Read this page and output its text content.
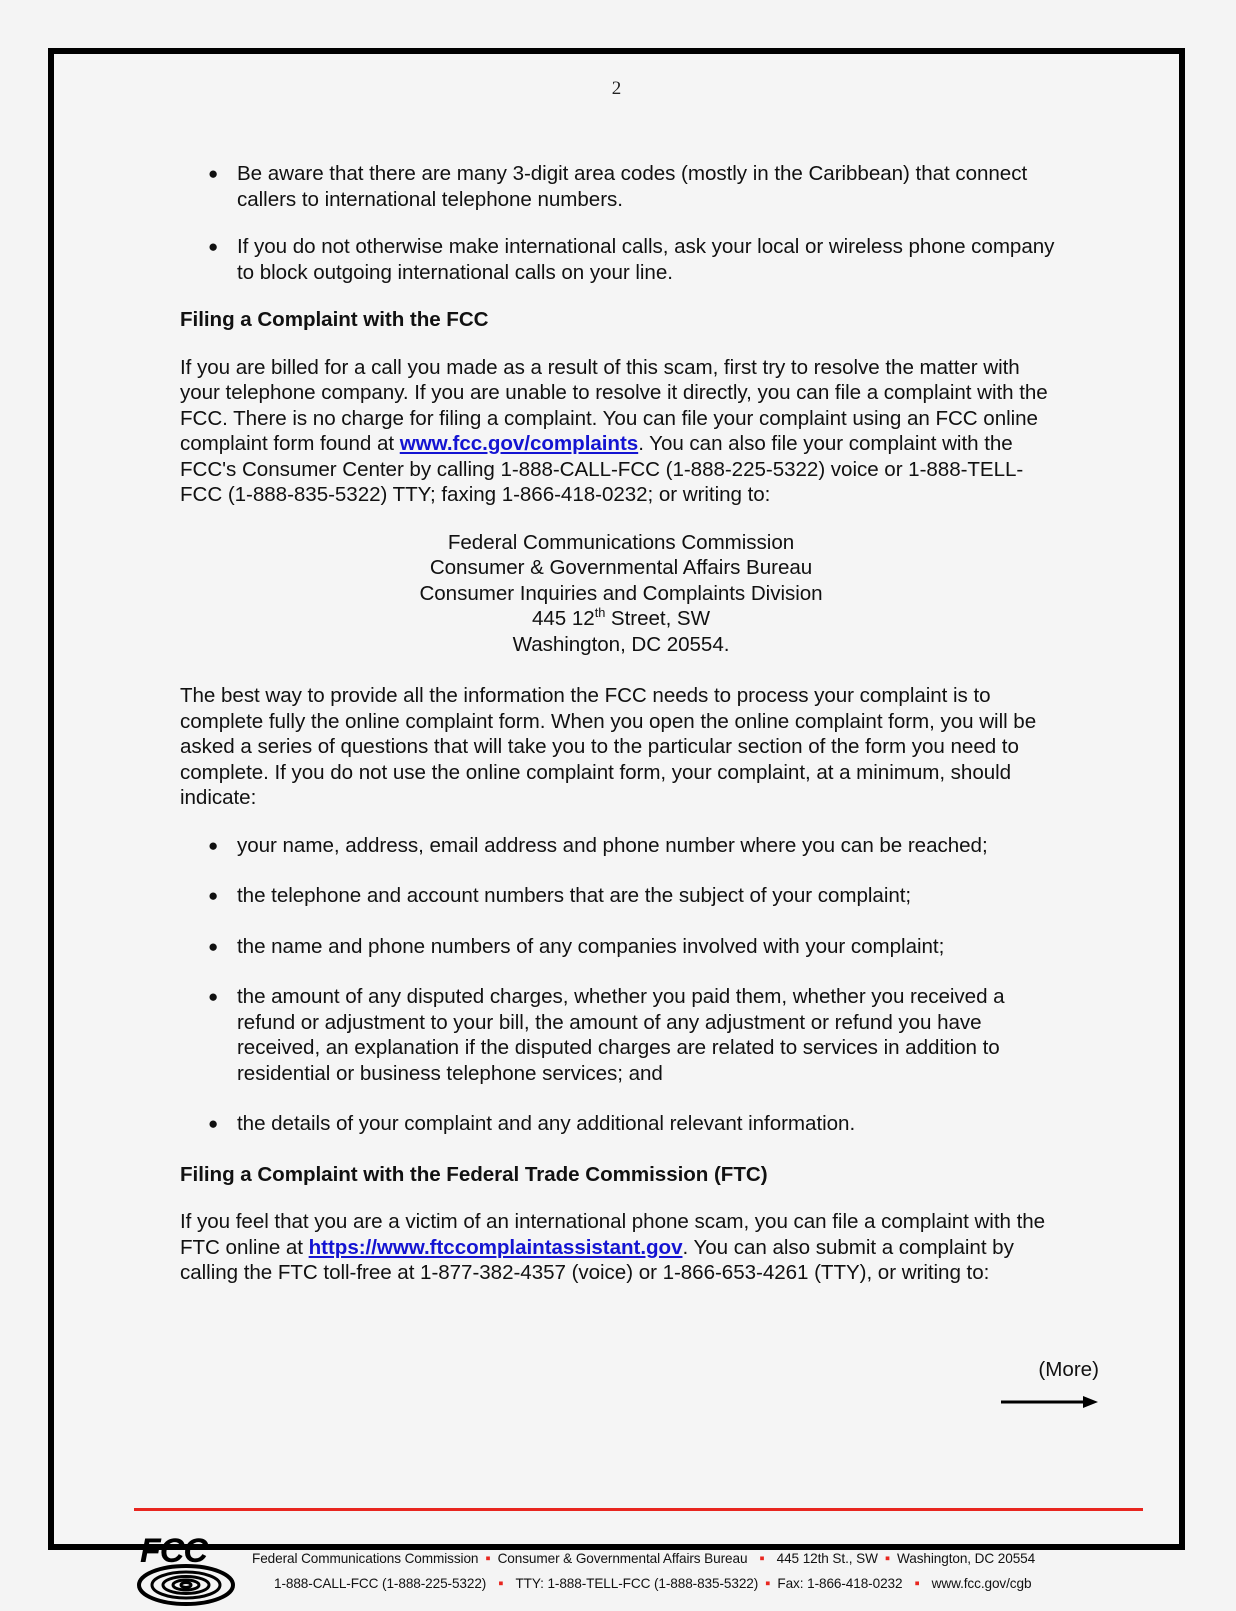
2
● Be aware that there are many 3-digit area codes (mostly in the Caribbean) that connect callers to international telephone numbers.
● If you do not otherwise make international calls, ask your local or wireless phone company to block outgoing international calls on your line.
Filing a Complaint with the FCC

If you are billed for a call you made as a result of this scam, first try to resolve the matter with your telephone company. If you are unable to resolve it directly, you can file a complaint with the FCC. There is no charge for filing a complaint. You can file your complaint using an FCC online complaint form found at www.fcc.gov/complaints. You can also file your complaint with the FCC's Consumer Center by calling 1-888-CALL-FCC (1-888-225-5322) voice or 1-888-TELL-FCC (1-888-835-5322) TTY; faxing 1-866-418-0232; or writing to:

Federal Communications Commission
Consumer & Governmental Affairs Bureau
Consumer Inquiries and Complaints Division
445 12th Street, SW
Washington, DC 20554.

The best way to provide all the information the FCC needs to process your complaint is to complete fully the online complaint form. When you open the online complaint form, you will be asked a series of questions that will take you to the particular section of the form you need to complete. If you do not use the online complaint form, your complaint, at a minimum, should indicate:

● your name, address, email address and phone number where you can be reached;
● the telephone and account numbers that are the subject of your complaint;
● the name and phone numbers of any companies involved with your complaint;
● the amount of any disputed charges, whether you paid them, whether you received a refund or adjustment to your bill, the amount of any adjustment or refund you have received, an explanation if the disputed charges are related to services in addition to residential or business telephone services; and
● the details of your complaint and any additional relevant information.
Filing a Complaint with the Federal Trade Commission (FTC)

If you feel that you are a victim of an international phone scam, you can file a complaint with the FTC online at https://www.ftccomplaintassistant.gov. You can also submit a complaint by calling the FTC toll-free at 1-877-382-4357 (voice) or 1-866-653-4261 (TTY), or writing to:

(More)
FCC	Federal Communications Commission ▪ Consumer & Governmental Affairs Bureau ▪ 445 12th St., SW ▪ Washington, DC 20554
1-888-CALL-FCC (1-888-225-5322) ▪ TTY: 1-888-TELL-FCC (1-888-835-5322) ▪ Fax: 1-866-418-0232 ▪ www.fcc.gov/cgb
